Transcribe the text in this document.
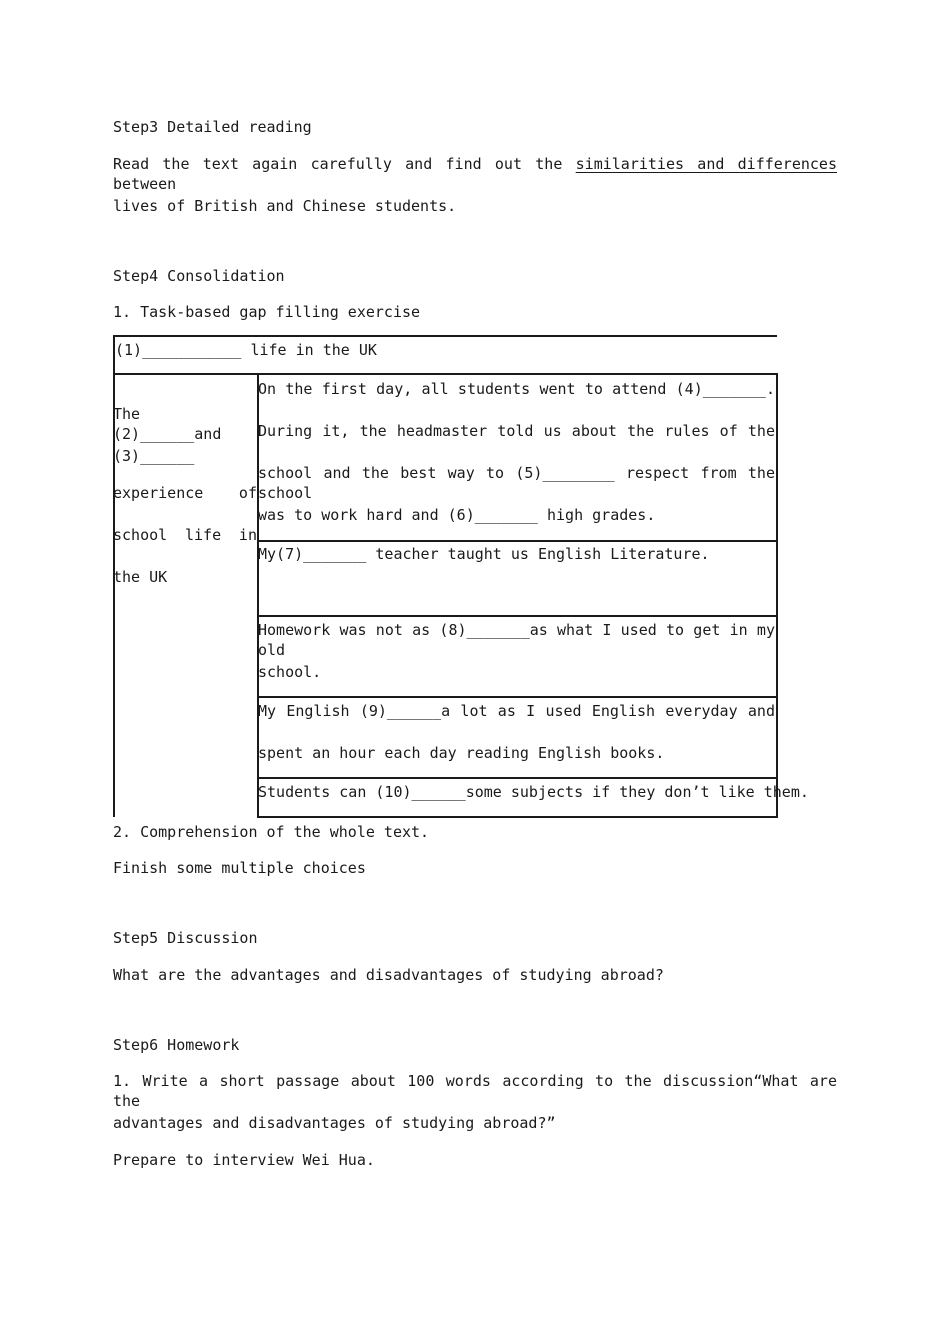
Step3 Detailed reading
Read the text again carefully and find out the similarities and differences between
lives of British and Chinese students.
Step4 Consolidation
1. Task-based gap filling exercise
(1)___________ life in the UK
The (2)______and
(3)______
experience of
school life in
the UK
On the first day, all students went to attend (4)_______.
During it, the headmaster told us about the rules of the
school and the best way to (5)________ respect from the school
was to work hard and (6)_______ high grades.
My(7)_______ teacher taught us English Literature.
Homework was not as (8)_______as what I used to get in my old
school.
My English (9)______a lot as I used English everyday and
spent an hour each day reading English books.
Students can (10)______some subjects if they don’t like them.
2. Comprehension of the whole text.
Finish some multiple choices
Step5 Discussion
What are the advantages and disadvantages of studying abroad?
Step6 Homework
1. Write a short passage about 100 words according to the discussion“What are the
advantages and disadvantages of studying abroad?”
Prepare to interview Wei Hua.
